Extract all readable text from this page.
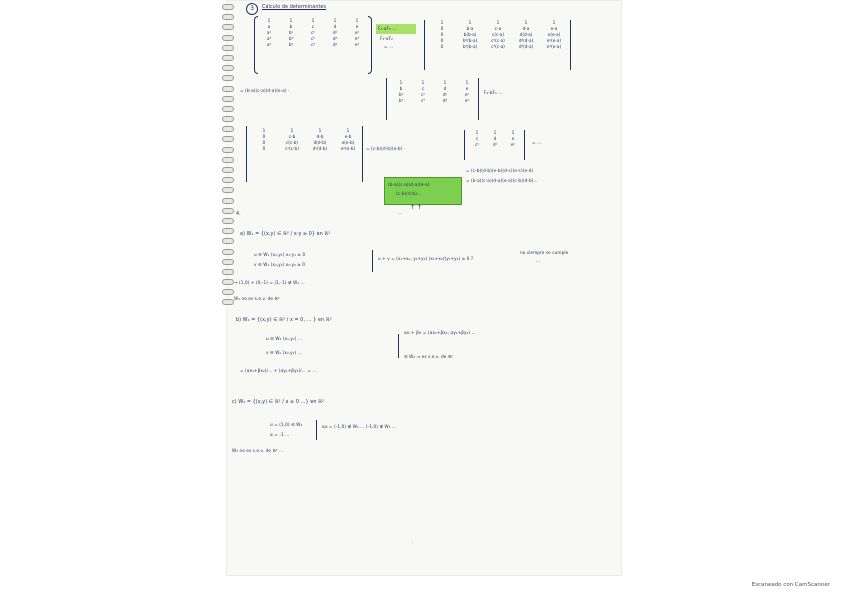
3	Cálculo de determinantes
1	1	1	1	1
a	b	c	d	e
a²	b²	c²	d²	e²
a³	b³	c³	d³	e³
a⁴	b⁴	c⁴	d⁴	e⁴
F₂-aF₁ ...
F₃-aF₂
= ...
1	1	1	1	1
0	b-a	c-a	d-a	e-a
0	b(b-a)	c(c-a)	d(d-a)	e(e-a)
0	b²(b-a)	c²(c-a)	d²(d-a)	e²(e-a)
0	b³(b-a)	c³(c-a)	d³(d-a)	e³(e-a)
= (b-a)(c-a)(d-a)(e-a) ·
1	1	1	1
b	c	d	e
b²	c²	d²	e²
b³	c³	d³	e³
F₂-bF₁ ...
1	1	1	1
0	c-b	d-b	e-b
0	c(c-b)	d(d-b)	e(e-b)
0	c²(c-b)	d²(d-b)	e²(e-b)	= (c-b)(d-b)(e-b) ·
1	1	1
c	d	e
c²	d²	e²	= ...
(b-a)(c-a)(d-a)(e-a)
(c-b)(d-b)...
= (c-b)(d-b)(e-b)(d-c)(e-c)(e-d)
= (b-a)(c-a)(d-a)(e-a)(c-b)(d-b)...
↑ ↑
...
4.
a) W₁ = {(x,y) ∈ ℝ² / x·y ≥ 0} en ℝ²
u ∈ W₁ (x₁,y₁) x₁·y₁ ≥ 0
v ∈ W₁ (x₂,y₂) x₂·y₂ ≥ 0
u + v = (x₁+x₂, y₁+y₂) (x₁+x₂)(y₁+y₂) ≥ 0 ?
no siempre se cumple
...
→ (1,0) + (0,-1) = (1,-1) ∉ W₁ ...
W₁ no es s.e.v. de ℝ²
b) W₂ = {(x,y) ∈ ℝ² / x = 0, ... } en ℝ²
u ∈ W₂ (x₁,y₁) ...
v ∈ W₂ (x₂,y₂) ...
αu + βv = (αx₁+βx₂, αy₁+βy₂) ...
∈ W₂ ⇒ es s.e.v. de ℝ²
= (αx₁+βx₂)/... + (αy₁+βy₂)/... = ...
c) W₃ = {(x,y) ∈ ℝ² / x ≥ 0 ...} en ℝ²
u = (1,0) ∈ W₃
α = -1 ...
αu = (-1,0) ∉ W₃ ... (-1,0) ∉ W₃ ...
W₃ no es s.e.v. de ℝ² ...
·
Escaneado con CamScanner
